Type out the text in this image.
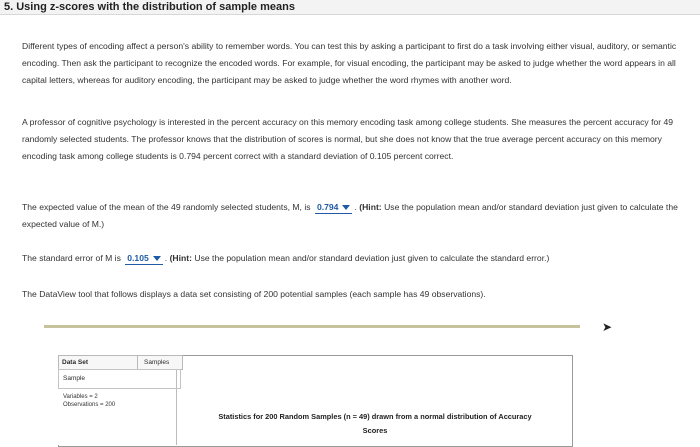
5. Using z-scores with the distribution of sample means
Different types of encoding affect a person's ability to remember words. You can test this by asking a participant to first do a task involving either visual, auditory, or semantic encoding. Then ask the participant to recognize the encoded words. For example, for visual encoding, the participant may be asked to judge whether the word appears in all capital letters, whereas for auditory encoding, the participant may be asked to judge whether the word rhymes with another word.
A professor of cognitive psychology is interested in the percent accuracy on this memory encoding task among college students. She measures the percent accuracy for 49 randomly selected students. The professor knows that the distribution of scores is normal, but she does not know that the true average percent accuracy on this memory encoding task among college students is 0.794 percent correct with a standard deviation of 0.105 percent correct.
The expected value of the mean of the 49 randomly selected students, M, is 0.794 . (Hint: Use the population mean and/or standard deviation just given to calculate the expected value of M.)
The standard error of M is 0.105 . (Hint: Use the population mean and/or standard deviation just given to calculate the standard error.)
The DataView tool that follows displays a data set consisting of 200 potential samples (each sample has 49 observations).
➤
Data Set	Samples
Sample
Variables = 2
Observations = 200
Statistics for 200 Random Samples (n = 49) drawn from a normal distribution of Accuracy
Scores
